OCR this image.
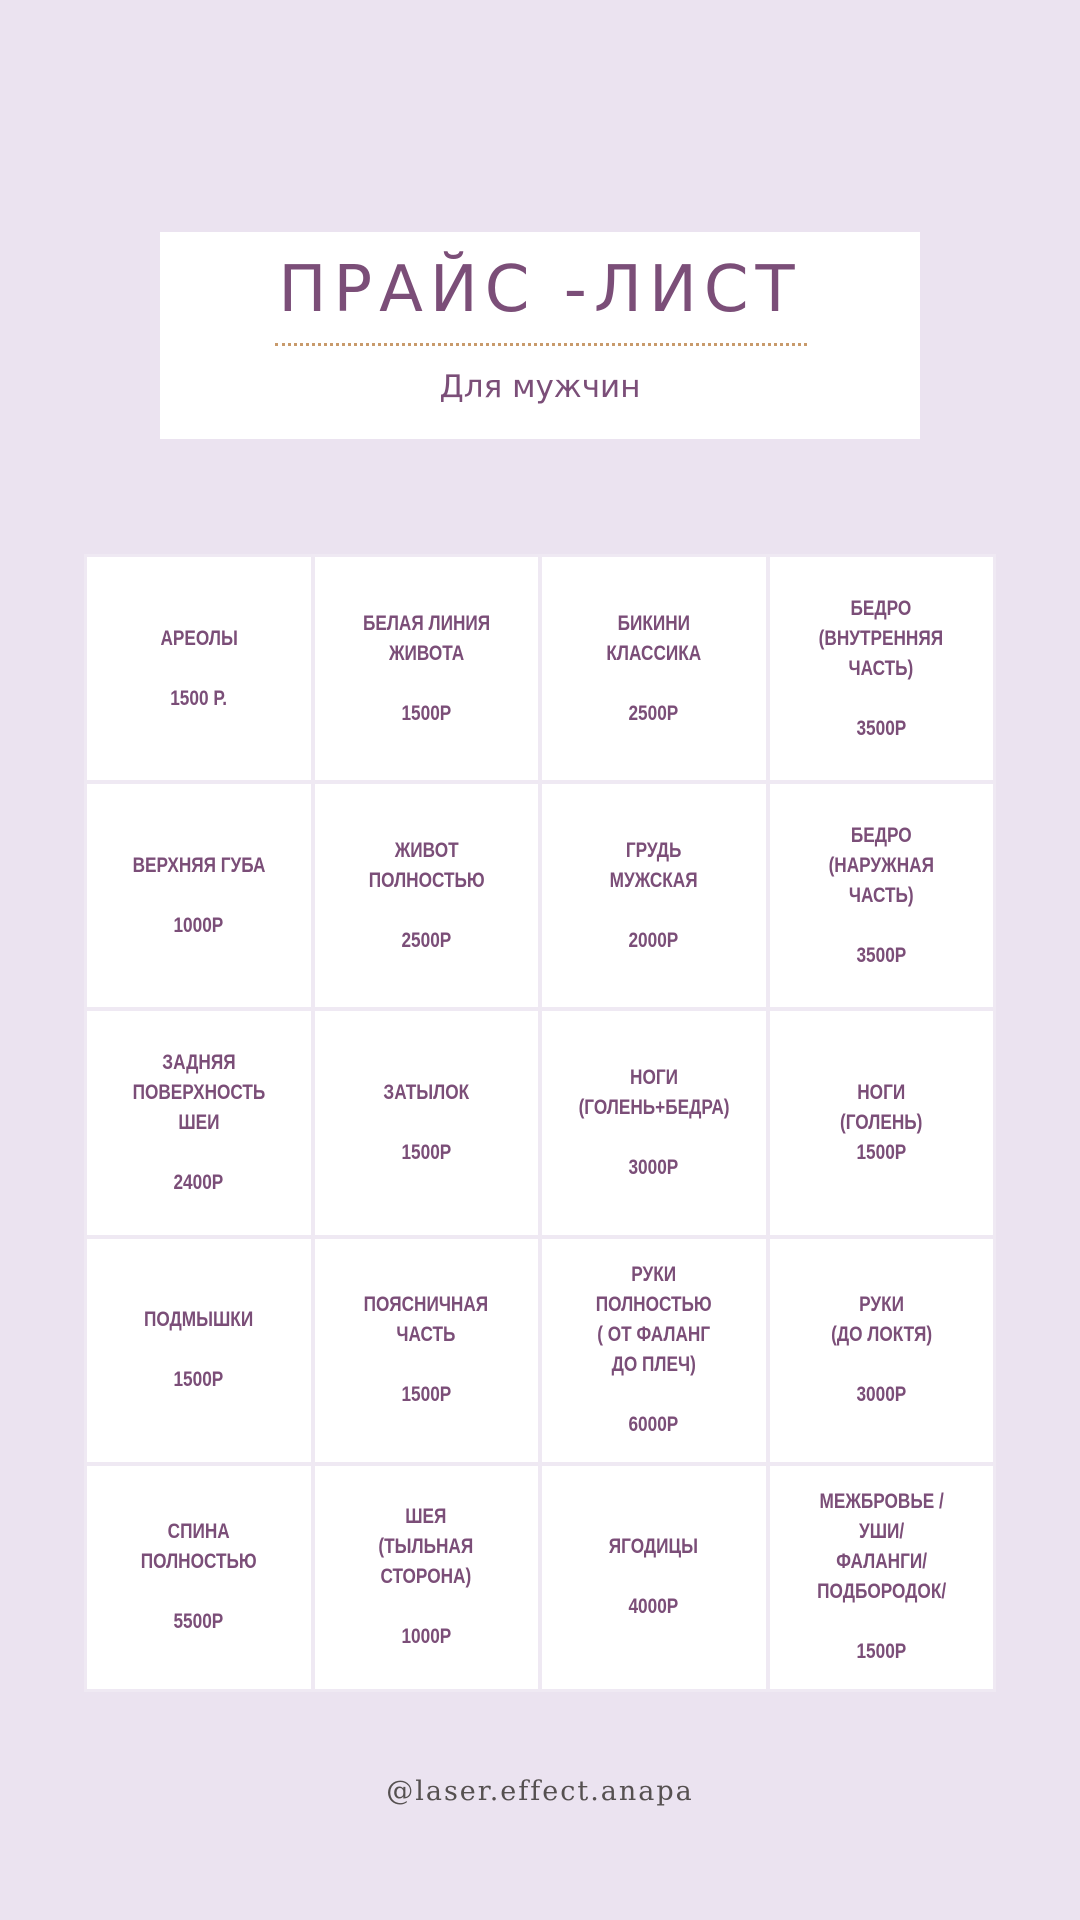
ПРАЙС -ЛИСТ
Для мужчин
АРЕОЛЫ
1500 Р.
БЕЛАЯ ЛИНИЯ
ЖИВОТА
1500Р
БИКИНИ
КЛАССИКА
2500Р
БЕДРО
(ВНУТРЕННЯЯ
ЧАСТЬ)
3500Р
ВЕРХНЯЯ ГУБА
1000Р
ЖИВОТ
ПОЛНОСТЬЮ
2500Р
ГРУДЬ
МУЖСКАЯ
2000Р
БЕДРО
(НАРУЖНАЯ
ЧАСТЬ)
3500Р
ЗАДНЯЯ
ПОВЕРХНОСТЬ
ШЕИ
2400Р
ЗАТЫЛОК
1500Р
НОГИ
(ГОЛЕНЬ+БЕДРА)
3000Р
НОГИ
(ГОЛЕНЬ)
1500Р
ПОДМЫШКИ
1500Р
ПОЯСНИЧНАЯ
ЧАСТЬ
1500Р
РУКИ
ПОЛНОСТЬЮ
( ОТ ФАЛАНГ
ДО ПЛЕЧ)
6000Р
РУКИ
(ДО ЛОКТЯ)
3000Р
СПИНА
ПОЛНОСТЬЮ
5500Р
ШЕЯ
(ТЫЛЬНАЯ
СТОРОНА)
1000Р
ЯГОДИЦЫ
4000Р
МЕЖБРОВЬЕ /
УШИ/
ФАЛАНГИ/
ПОДБОРОДОК/
1500Р
@laser.effect.anapa
